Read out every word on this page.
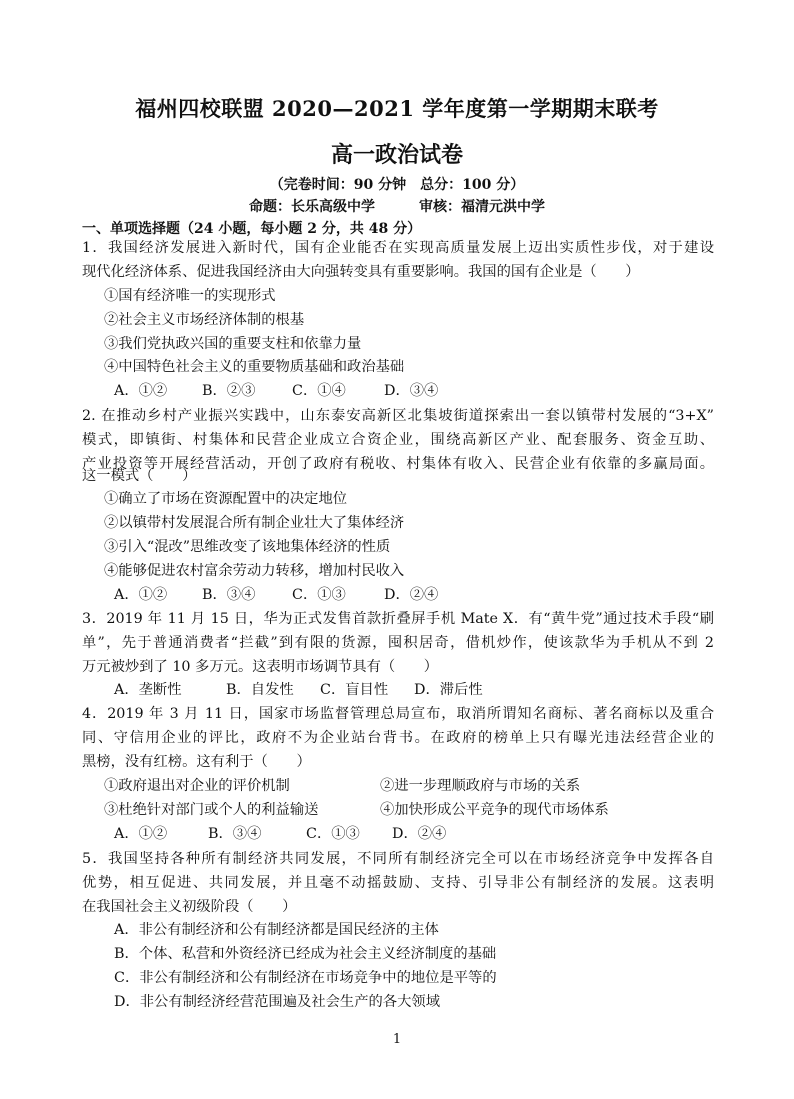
福州四校联盟 2020—2021 学年度第一学期期末联考
高一政治试卷
（完卷时间：90 分钟　总分：100 分）
命题：长乐高级中学	审核：福清元洪中学
一、单项选择题（24 小题，每小题 2 分，共 48 分）
1．我国经济发展进入新时代，国有企业能否在实现高质量发展上迈出实质性步伐，对于建设
现代化经济体系、促进我国经济由大向强转变具有重要影响。我国的国有企业是（　　）
①国有经济唯一的实现形式
②社会主义市场经济体制的根基
③我们党执政兴国的重要支柱和依靠力量
④中国特色社会主义的重要物质基础和政治基础
A．①② B．②③	C．①④	D．③④
2. 在推动乡村产业振兴实践中，山东泰安高新区北集坡街道探索出一套以镇带村发展的“3+X”
模式，即镇街、村集体和民营企业成立合资企业，围绕高新区产业、配套服务、资金互助、
产业投资等开展经营活动，开创了政府有税收、村集体有收入、民营企业有依靠的多赢局面。
这一模式（　　）
①确立了市场在资源配置中的决定地位
②以镇带村发展混合所有制企业壮大了集体经济
③引入“混改”思维改变了该地集体经济的性质
④能够促进农村富余劳动力转移，增加村民收入
A．①② B．③④	C．①③	D．②④
3．2019 年 11 月 15 日，华为正式发售首款折叠屏手机 Mate X．有“黄牛党”通过技术手段“刷
单”，先于普通消费者“拦截”到有限的货源，囤积居奇，借机炒作，使该款华为手机从不到 2
万元被炒到了 10 多万元。这表明市场调节具有（　　）
A．垄断性	B．自发性 C．盲目性 D．滞后性
4．2019 年 3 月 11 日，国家市场监督管理总局宣布，取消所谓知名商标、著名商标以及重合
同、守信用企业的评比，政府不为企业站台背书。在政府的榜单上只有曝光违法经营企业的
黑榜，没有红榜。这有利于（　　）
①政府退出对企业的评价机制	②进一步理顺政府与市场的关系
③杜绝针对部门或个人的利益输送	④加快形成公平竞争的现代市场体系
A．①②	B．③④	C．①③ D．②④
5．我国坚持各种所有制经济共同发展，不同所有制经济完全可以在市场经济竞争中发挥各自
优势，相互促进、共同发展，并且毫不动摇鼓励、支持、引导非公有制经济的发展。这表明
在我国社会主义初级阶段（　　）
A．非公有制经济和公有制经济都是国民经济的主体
B．个体、私营和外资经济已经成为社会主义经济制度的基础
C．非公有制经济和公有制经济在市场竞争中的地位是平等的
D．非公有制经济经营范围遍及社会生产的各大领域
1
